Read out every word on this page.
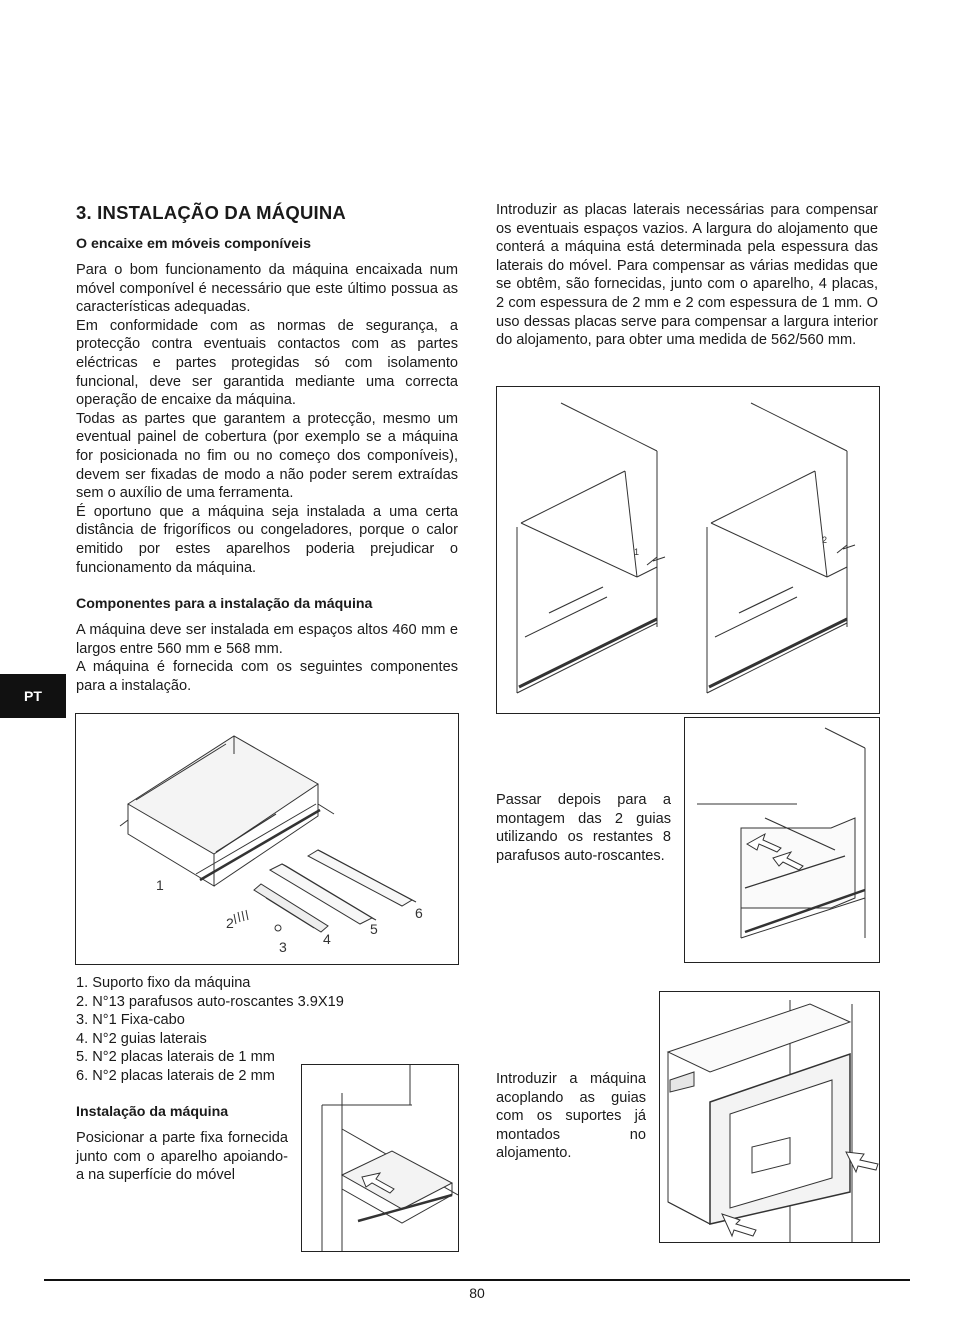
3. INSTALAÇÃO DA MÁQUINA
O encaixe em móveis componíveis

Para o bom funcionamento da máquina encaixada num móvel componível é necessário que este último possua as características adequadas.

Em conformidade com as normas de segurança, a protecção contra eventuais contactos com as partes eléctricas e partes protegidas só com isolamento funcional, deve ser garantida mediante uma correcta operação de encaixe da máquina.

Todas as partes que garantem a protecção, mesmo um eventual painel de cobertura (por exemplo se a máquina for posicionada no fim ou no começo dos componíveis), devem ser fixadas de modo a não poder serem extraídas sem o auxílio de uma ferramenta.

É oportuno que a máquina seja instalada a uma certa distância de frigoríficos ou congeladores, porque o calor emitido por estes aparelhos poderia prejudicar o funcionamento da máquina.

Componentes para a instalação da máquina

A máquina deve ser instalada em espaços altos 460 mm e largos entre 560 mm e 568 mm.

A máquina é fornecida com os seguintes componentes para a instalação.

PT
1
2
3	4
5
6
1. Suporto fixo da máquina
2. N°13 parafusos auto-roscantes 3.9X19
3. N°1 Fixa-cabo
4. N°2 guias laterais
5. N°2 placas laterais de 1 mm
6. N°2 placas laterais de 2 mm
Instalação da máquina

Posicionar a parte fixa fornecida junto com o aparelho apoiando-a na superfície do móvel

Introduzir as placas laterais necessárias para compensar os eventuais espaços vazios. A largura do alojamento que conterá a máquina está determinada pela espessura das laterais do móvel. Para compensar as várias medidas que se obtêm, são fornecidas, junto com o aparelho, 4 placas, 2 com espessura de 2 mm e 2 com espessura de 1 mm. O uso dessas placas serve para compensar a largura interior do alojamento, para obter uma medida de 562/560 mm.

1
2

Passar depois para a montagem das 2 guias utilizando os restantes 8 parafusos auto-roscantes.

Introduzir a máquina acoplando as guias com os suportes já montados no alojamento.

80
